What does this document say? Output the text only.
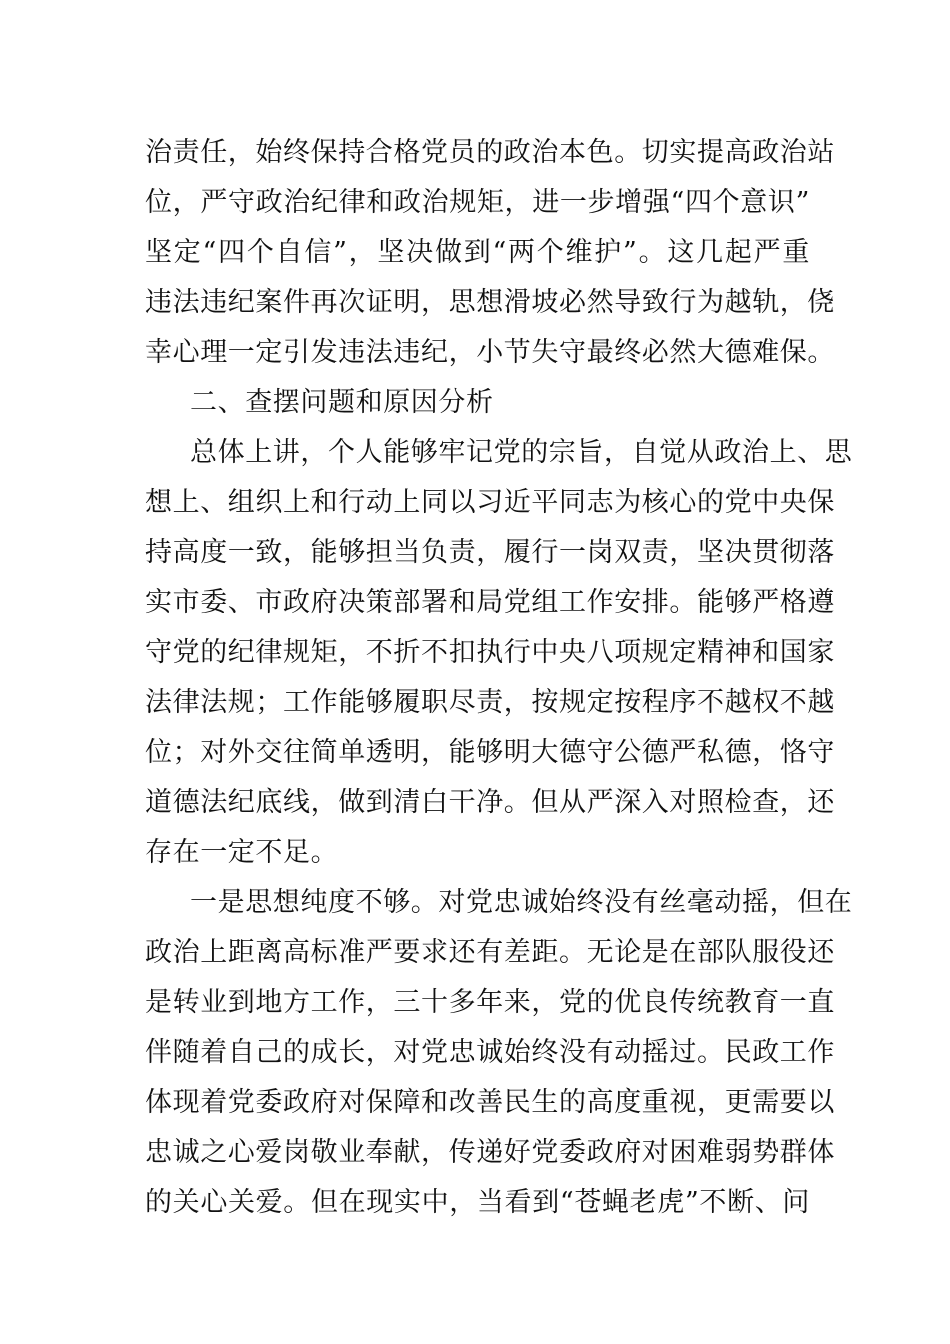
治责任，始终保持合格党员的政治本色。切实提高政治站
位，严守政治纪律和政治规矩，进一步增强“四个意识”
坚定“四个自信”，坚决做到“两个维护”。这几起严重
违法违纪案件再次证明，思想滑坡必然导致行为越轨，侥
幸心理一定引发违法违纪，小节失守最终必然大德难保。
二、查摆问题和原因分析
总体上讲，个人能够牢记党的宗旨，自觉从政治上、思
想上、组织上和行动上同以习近平同志为核心的党中央保
持高度一致，能够担当负责，履行一岗双责，坚决贯彻落
实市委、市政府决策部署和局党组工作安排。能够严格遵
守党的纪律规矩，不折不扣执行中央八项规定精神和国家
法律法规；工作能够履职尽责，按规定按程序不越权不越
位；对外交往简单透明，能够明大德守公德严私德，恪守
道德法纪底线，做到清白干净。但从严深入对照检查，还
存在一定不足。
一是思想纯度不够。对党忠诚始终没有丝毫动摇，但在
政治上距离高标准严要求还有差距。无论是在部队服役还
是转业到地方工作，三十多年来，党的优良传统教育一直
伴随着自己的成长，对党忠诚始终没有动摇过。民政工作
体现着党委政府对保障和改善民生的高度重视，更需要以
忠诚之心爱岗敬业奉献，传递好党委政府对困难弱势群体
的关心关爱。但在现实中，当看到“苍蝇老虎”不断、问
